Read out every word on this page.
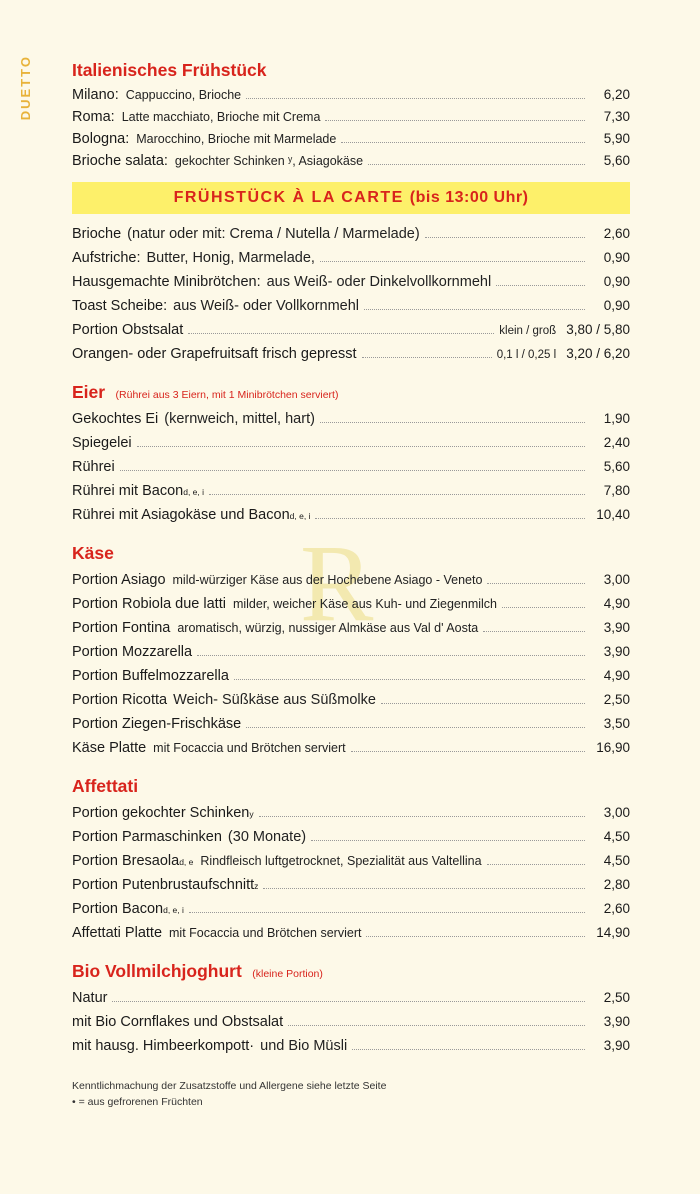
R
DUETTO Italienisches Frühstück
Milano: Cappuccino, Brioche	6,20
Roma: Latte macchiato, Brioche mit Crema	7,30
Bologna: Marocchino, Brioche mit Marmelade	5,90
Brioche salata: gekochter Schinken ʸ, Asiagokäse	5,60
FRÜHSTÜCK À LA CARTE (bis 13:00 Uhr)
Brioche (natur oder mit: Crema / Nutella / Marmelade)	2,60
Aufstriche: Butter, Honig, Marmelade,	0,90
Hausgemachte Minibrötchen: aus Weiß- oder Dinkelvollkornmehl	0,90
Toast Scheibe: aus Weiß- oder Vollkornmehl	0,90
Portion Obstsalat	klein / groß 3,80 / 5,80
Orangen- oder Grapefruitsaft frisch gepresst	0,1 l / 0,25 l 3,20 / 6,20
Eier (Rührei aus 3 Eiern, mit 1 Minibrötchen serviert)
Gekochtes Ei (kernweich, mittel, hart)	1,90
Spiegelei	2,40
Rührei	5,60
Rührei mit Bacon d, e, i	7,80
Rührei mit Asiagokäse und Bacon d, e, i	10,40
Käse
Portion Asiago mild-würziger Käse aus der Hochebene Asiago - Veneto	3,00
Portion Robiola due latti milder, weicher Käse aus Kuh- und Ziegenmilch	4,90
Portion Fontina aromatisch, würzig, nussiger Almkäse aus Val d' Aosta	3,90
Portion Mozzarella	3,90
Portion Buffelmozzarella	4,90
Portion Ricotta Weich- Süßkäse aus Süßmolke	2,50
Portion Ziegen-Frischkäse	3,50
Käse Platte mit Focaccia und Brötchen serviert	16,90
Affettati
Portion gekochter Schinken y	3,00
Portion Parmaschinken (30 Monate)	4,50
Portion Bresaola d, e Rindfleisch luftgetrocknet, Spezialität aus Valtellina	4,50
Portion Putenbrustaufschnitt z	2,80
Portion Bacon d, e, i	2,60
Affettati Platte mit Focaccia und Brötchen serviert	14,90
Bio Vollmilchjoghurt (kleine Portion)
Natur	2,50
mit Bio Cornflakes und Obstsalat	3,90
mit hausg. Himbeerkompott· und Bio Müsli	3,90
Kenntlichmachung der Zusatzstoffe und Allergene siehe letzte Seite
• = aus gefrorenen Früchten
